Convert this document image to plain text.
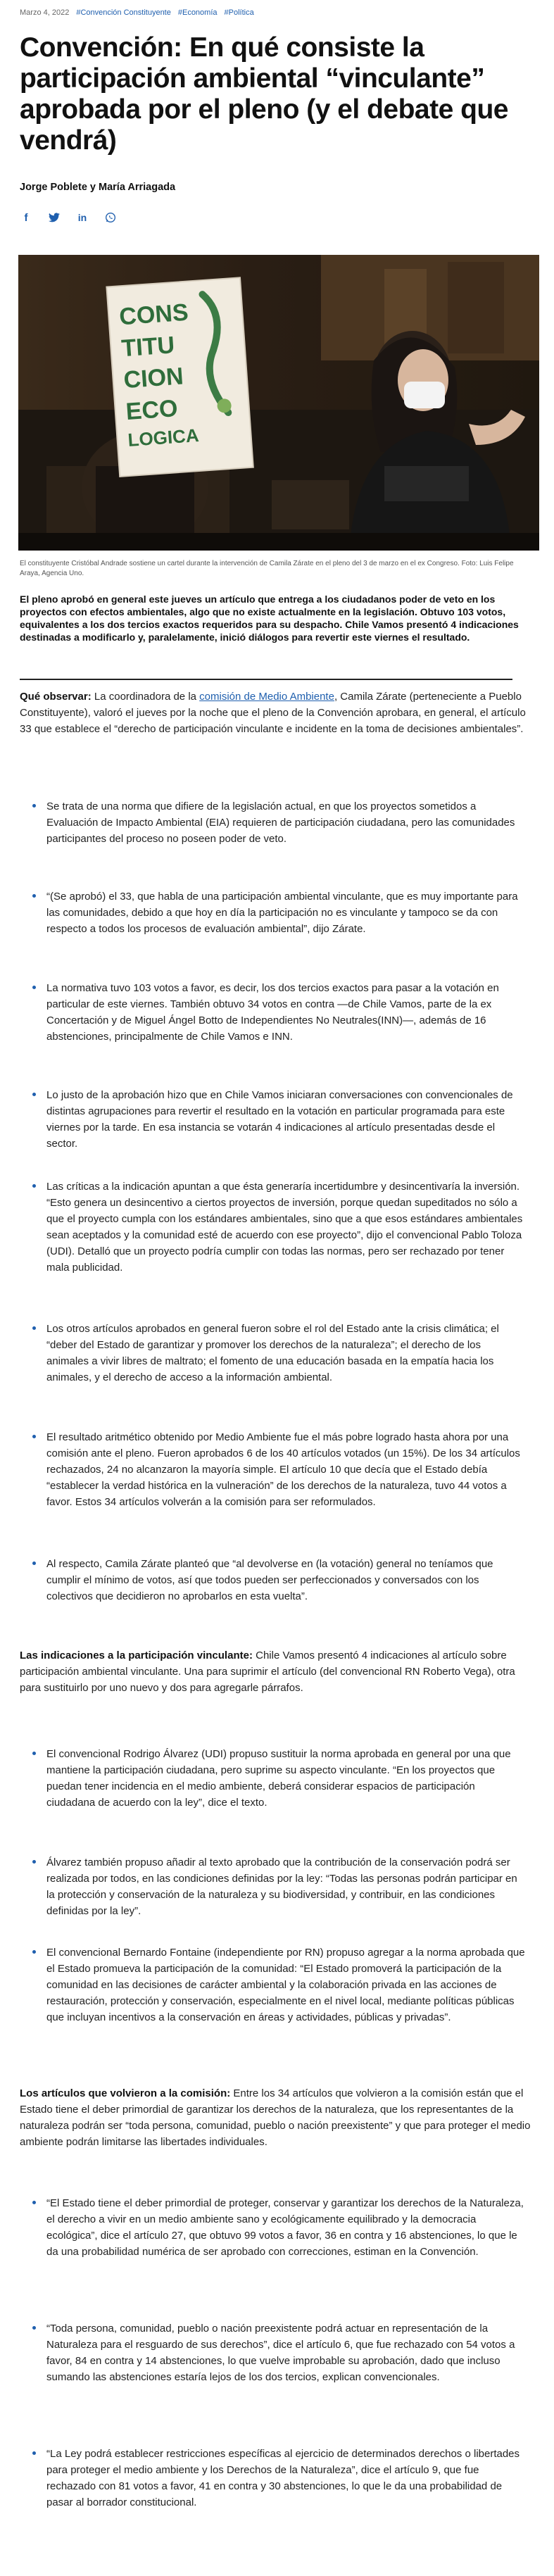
Marzo 4, 2022 #Convención Constituyente #Economía #Política
Convención: En qué consiste la participación ambiental “vinculante” aprobada por el pleno (y el debate que vendrá)
Jorge Poblete y María Arriagada
f	in
CONS
TITU
CION
ECO
LOGICA
El constituyente Cristóbal Andrade sostiene un cartel durante la intervención de Camila Zárate en el pleno del 3 de marzo en el ex Congreso. Foto: Luis Felipe Araya, Agencia Uno.
El pleno aprobó en general este jueves un artículo que entrega a los ciudadanos poder de veto en los proyectos con efectos ambientales, algo que no existe actualmente en la legislación. Obtuvo 103 votos, equivalentes a los dos tercios exactos requeridos para su despacho. Chile Vamos presentó 4 indicaciones destinadas a modificarlo y, paralelamente, inició diálogos para revertir este viernes el resultado.
Qué observar: La coordinadora de la comisión de Medio Ambiente, Camila Zárate (perteneciente a Pueblo Constituyente), valoró el jueves por la noche que el pleno de la Convención aprobara, en general, el artículo 33 que establece el “derecho de participación vinculante e incidente en la toma de decisiones ambientales”.
Se trata de una norma que difiere de la legislación actual, en que los proyectos sometidos a Evaluación de Impacto Ambiental (EIA) requieren de participación ciudadana, pero las comunidades participantes del proceso no poseen poder de veto.
“(Se aprobó) el 33, que habla de una participación ambiental vinculante, que es muy importante para las comunidades, debido a que hoy en día la participación no es vinculante y tampoco se da con respecto a todos los procesos de evaluación ambiental”, dijo Zárate.
La normativa tuvo 103 votos a favor, es decir, los dos tercios exactos para pasar a la votación en particular de este viernes. También obtuvo 34 votos en contra —de Chile Vamos, parte de la ex Concertación y de Miguel Ángel Botto de Independientes No Neutrales(INN)—, además de 16 abstenciones, principalmente de Chile Vamos e INN.
Lo justo de la aprobación hizo que en Chile Vamos iniciaran conversaciones con convencionales de distintas agrupaciones para revertir el resultado en la votación en particular programada para este viernes por la tarde. En esa instancia se votarán 4 indicaciones al artículo presentadas desde el sector.
Las críticas a la indicación apuntan a que ésta generaría incertidumbre y desincentivaría la inversión. “Esto genera un desincentivo a ciertos proyectos de inversión, porque quedan supeditados no sólo a que el proyecto cumpla con los estándares ambientales, sino que a que esos estándares ambientales sean aceptados y la comunidad esté de acuerdo con ese proyecto”, dijo el convencional Pablo Toloza (UDI). Detalló que un proyecto podría cumplir con todas las normas, pero ser rechazado por tener mala publicidad.
Los otros artículos aprobados en general fueron sobre el rol del Estado ante la crisis climática; el “deber del Estado de garantizar y promover los derechos de la naturaleza”; el derecho de los animales a vivir libres de maltrato; el fomento de una educación basada en la empatía hacia los animales, y el derecho de acceso a la información ambiental.
El resultado aritmético obtenido por Medio Ambiente fue el más pobre logrado hasta ahora por una comisión ante el pleno. Fueron aprobados 6 de los 40 artículos votados (un 15%). De los 34 artículos rechazados, 24 no alcanzaron la mayoría simple. El artículo 10 que decía que el Estado debía “establecer la verdad histórica en la vulneración” de los derechos de la naturaleza, tuvo 44 votos a favor. Estos 34 artículos volverán a la comisión para ser reformulados.
Al respecto, Camila Zárate planteó que “al devolverse en (la votación) general no teníamos que cumplir el mínimo de votos, así que todos pueden ser perfeccionados y conversados con los colectivos que decidieron no aprobarlos en esta vuelta”.
Las indicaciones a la participación vinculante: Chile Vamos presentó 4 indicaciones al artículo sobre participación ambiental vinculante. Una para suprimir el artículo (del convencional RN Roberto Vega), otra para sustituirlo por uno nuevo y dos para agregarle párrafos.
El convencional Rodrigo Álvarez (UDI) propuso sustituir la norma aprobada en general por una que mantiene la participación ciudadana, pero suprime su aspecto vinculante. “En los proyectos que puedan tener incidencia en el medio ambiente, deberá considerar espacios de participación ciudadana de acuerdo con la ley”, dice el texto.
Álvarez también propuso añadir al texto aprobado que la contribución de la conservación podrá ser realizada por todos, en las condiciones definidas por la ley: “Todas las personas podrán participar en la protección y conservación de la naturaleza y su biodiversidad, y contribuir, en las condiciones definidas por la ley”.
El convencional Bernardo Fontaine (independiente por RN) propuso agregar a la norma aprobada que el Estado promueva la participación de la comunidad: “El Estado promoverá la participación de la comunidad en las decisiones de carácter ambiental y la colaboración privada en las acciones de restauración, protección y conservación, especialmente en el nivel local, mediante políticas públicas que incluyan incentivos a la conservación en áreas y actividades, públicas y privadas”.
Los artículos que volvieron a la comisión: Entre los 34 artículos que volvieron a la comisión están que el Estado tiene el deber primordial de garantizar los derechos de la naturaleza, que los representantes de la naturaleza podrán ser “toda persona, comunidad, pueblo o nación preexistente” y que para proteger el medio ambiente podrán limitarse las libertades individuales.
“El Estado tiene el deber primordial de proteger, conservar y garantizar los derechos de la Naturaleza, el derecho a vivir en un medio ambiente sano y ecológicamente equilibrado y la democracia ecológica”, dice el artículo 27, que obtuvo 99 votos a favor, 36 en contra y 16 abstenciones, lo que le da una probabilidad numérica de ser aprobado con correcciones, estiman en la Convención.
“Toda persona, comunidad, pueblo o nación preexistente podrá actuar en representación de la Naturaleza para el resguardo de sus derechos”, dice el artículo 6, que fue rechazado con 54 votos a favor, 84 en contra y 14 abstenciones, lo que vuelve improbable su aprobación, dado que incluso sumando las abstenciones estaría lejos de los dos tercios, explican convencionales.
“La Ley podrá establecer restricciones específicas al ejercicio de determinados derechos o libertades para proteger el medio ambiente y los Derechos de la Naturaleza”, dice el artículo 9, que fue rechazado con 81 votos a favor, 41 en contra y 30 abstenciones, lo que le da una probabilidad de pasar al borrador constitucional.
